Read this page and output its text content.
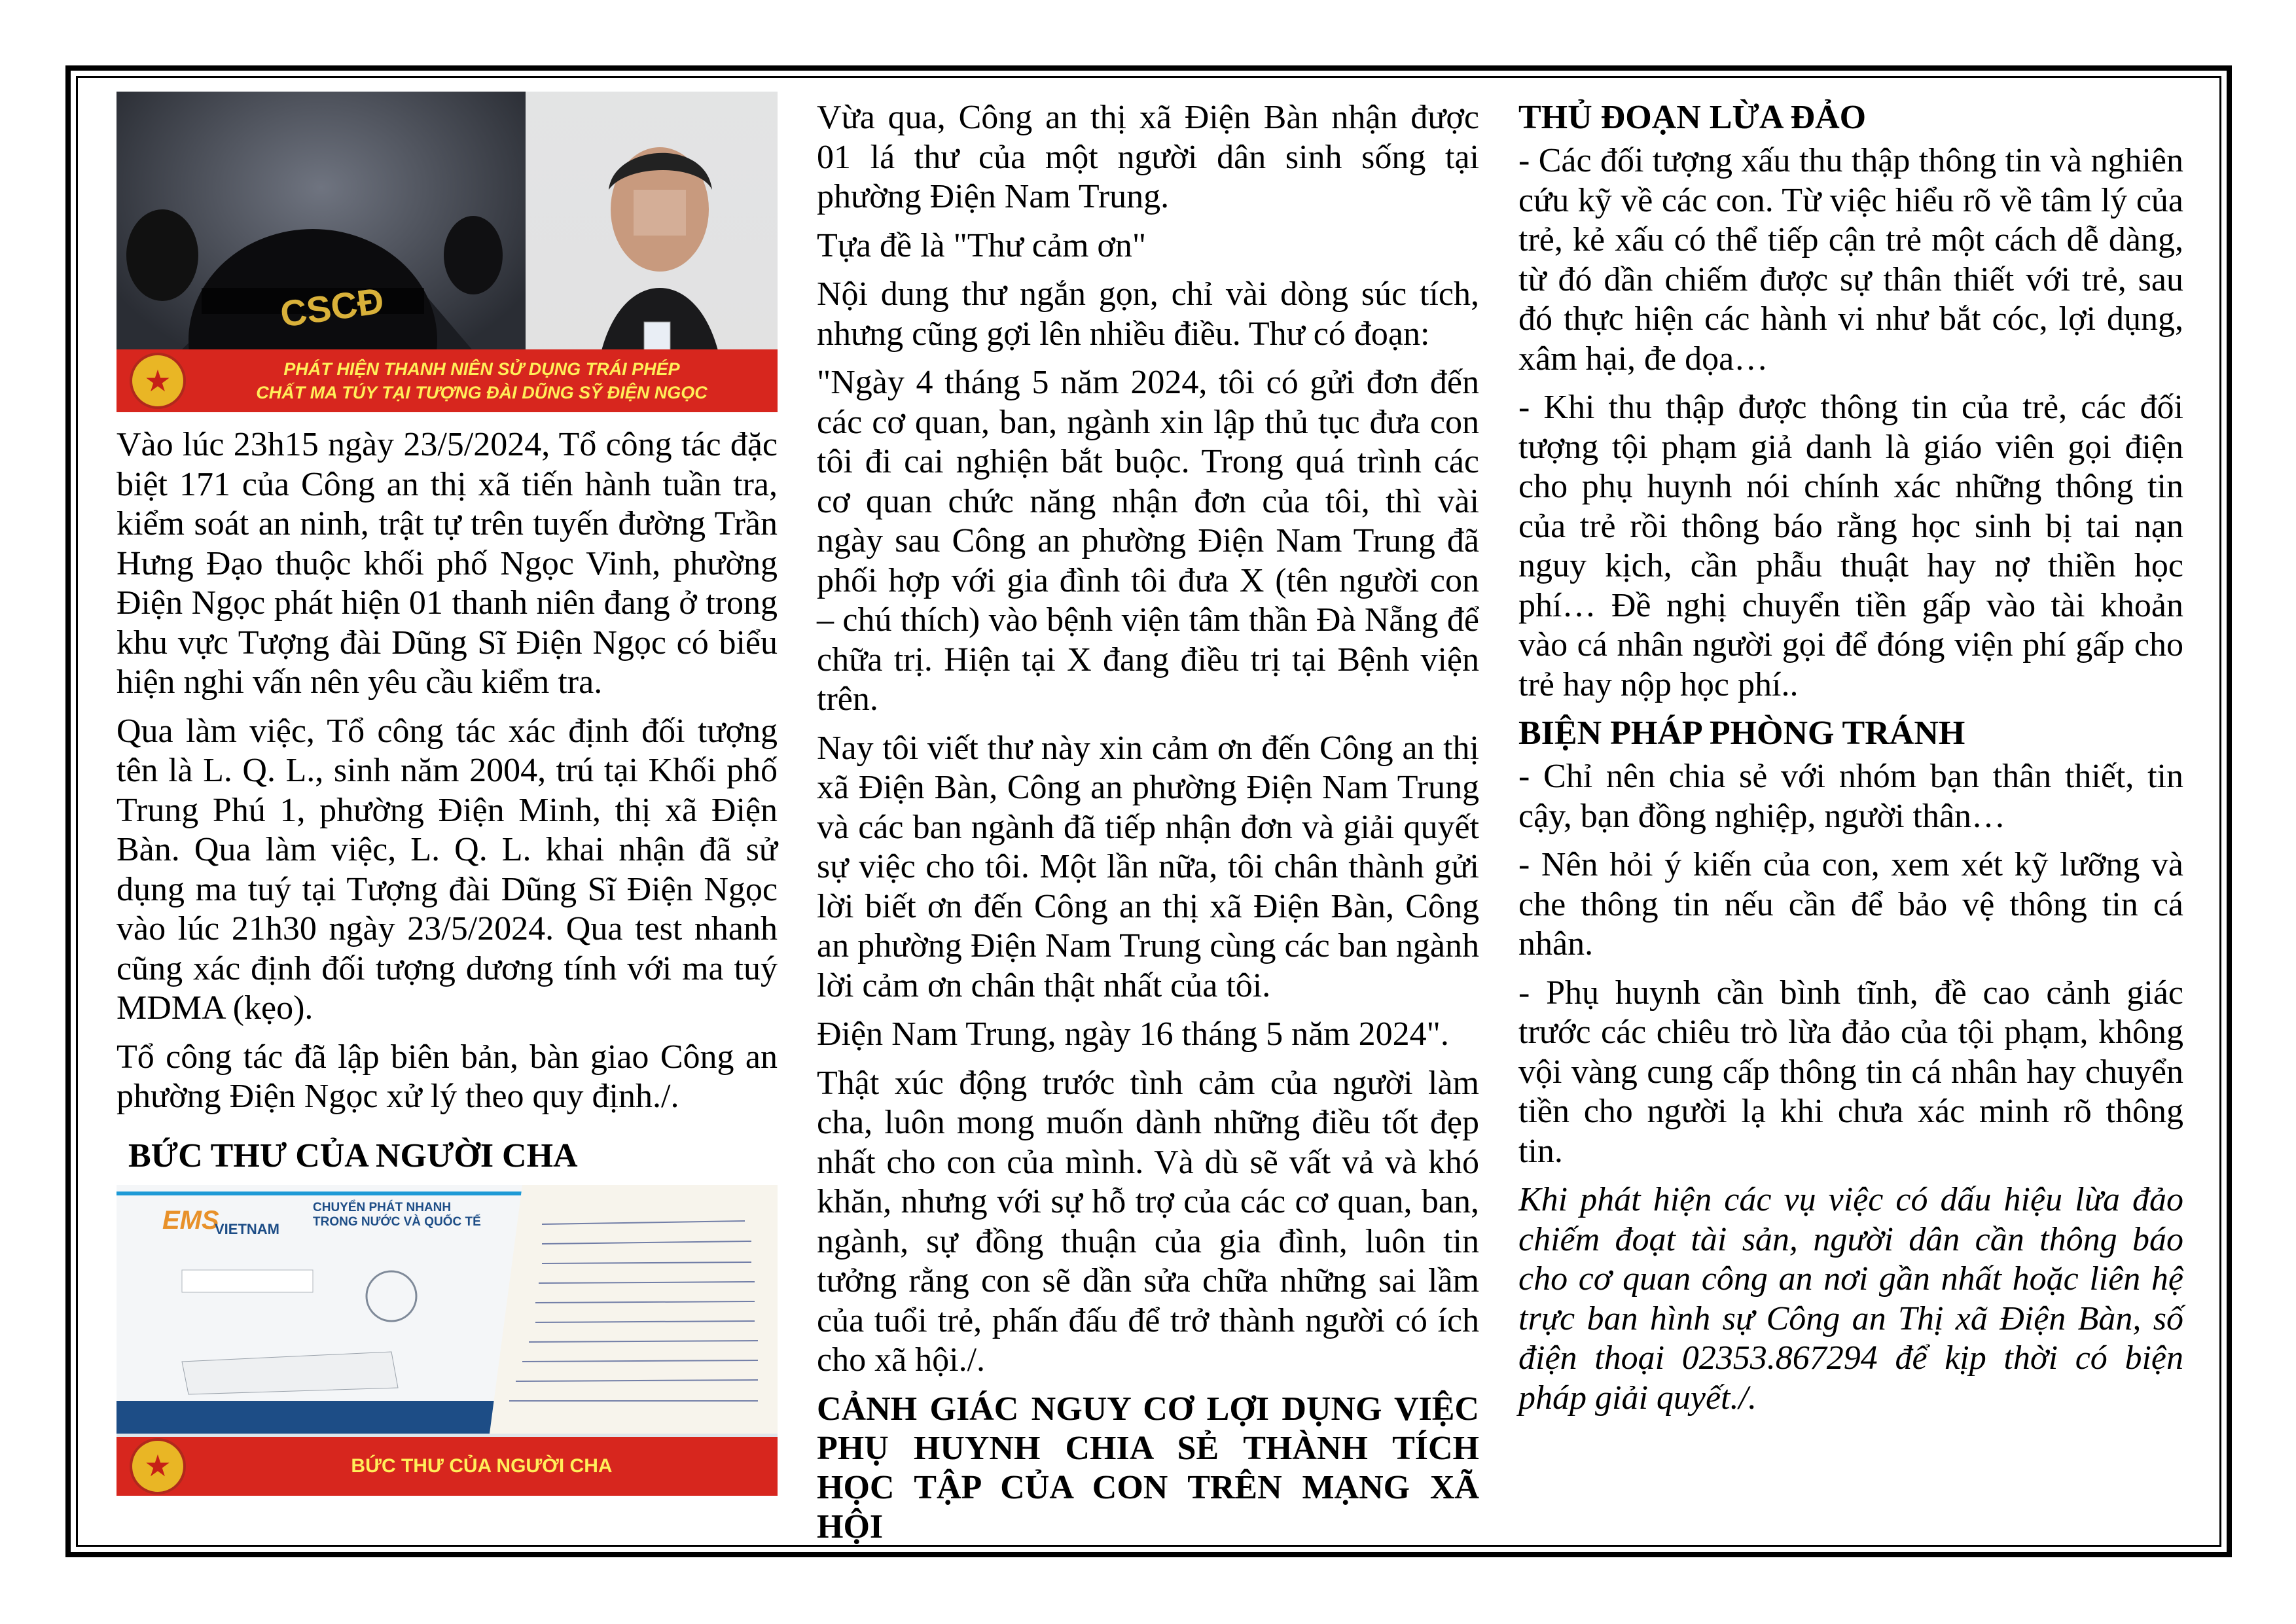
CSCĐ
★	PHÁT HIỆN THANH NIÊN SỬ DỤNG TRÁI PHÉP
CHẤT MA TÚY TẠI TƯỢNG ĐÀI DŨNG SỸ ĐIỆN NGỌC

Vào lúc 23h15 ngày 23/5/2024, Tổ công tác đặc biệt 171 của Công an thị xã tiến hành tuần tra, kiểm soát an ninh, trật tự trên tuyến đường Trần Hưng Đạo thuộc khối phố Ngọc Vinh, phường Điện Ngọc phát hiện 01 thanh niên đang ở trong khu vực Tượng đài Dũng Sĩ Điện Ngọc có biểu hiện nghi vấn nên yêu cầu kiểm tra.

Qua làm việc, Tổ công tác xác định đối tượng tên là L. Q. L., sinh năm 2004, trú tại Khối phố Trung Phú 1, phường Điện Minh, thị xã Điện Bàn. Qua làm việc, L. Q. L. khai nhận đã sử dụng ma tuý tại Tượng đài Dũng Sĩ Điện Ngọc vào lúc 21h30 ngày 23/5/2024. Qua test nhanh cũng xác định đối tượng dương tính với ma tuý MDMA (kẹo).

Tổ công tác đã lập biên bản, bàn giao Công an phường Điện Ngọc xử lý theo quy định./.

BỨC THƯ CỦA NGƯỜI CHA
EMS
VIETNAM
CHUYỂN PHÁT NHANH
TRONG NƯỚC VÀ QUỐC TẾ
★	BỨC THƯ CỦA NGƯỜI CHA

Vừa qua, Công an thị xã Điện Bàn nhận được 01 lá thư của một người dân sinh sống tại phường Điện Nam Trung.

Tựa đề là "Thư cảm ơn"

Nội dung thư ngắn gọn, chỉ vài dòng súc tích, nhưng cũng gợi lên nhiều điều. Thư có đoạn:

"Ngày 4 tháng 5 năm 2024, tôi có gửi đơn đến các cơ quan, ban, ngành xin lập thủ tục đưa con tôi đi cai nghiện bắt buộc. Trong quá trình các cơ quan chức năng nhận đơn của tôi, thì vài ngày sau Công an phường Điện Nam Trung đã phối hợp với gia đình tôi đưa X (tên người con – chú thích) vào bệnh viện tâm thần Đà Nẵng để chữa trị. Hiện tại X đang điều trị tại Bệnh viện trên.

Nay tôi viết thư này xin cảm ơn đến Công an thị xã Điện Bàn, Công an phường Điện Nam Trung và các ban ngành đã tiếp nhận đơn và giải quyết sự việc cho tôi. Một lần nữa, tôi chân thành gửi lời biết ơn đến Công an thị xã Điện Bàn, Công an phường Điện Nam Trung cùng các ban ngành lời cảm ơn chân thật nhất của tôi.

Điện Nam Trung, ngày 16 tháng 5 năm 2024".

Thật xúc động trước tình cảm của người làm cha, luôn mong muốn dành những điều tốt đẹp nhất cho con của mình. Và dù sẽ vất vả và khó khăn, nhưng với sự hỗ trợ của các cơ quan, ban, ngành, sự đồng thuận của gia đình, luôn tin tưởng rằng con sẽ dần sửa chữa những sai lầm của tuổi trẻ, phấn đấu để trở thành người có ích cho xã hội./.

CẢNH GIÁC NGUY CƠ LỢI DỤNG VIỆC PHỤ HUYNH CHIA SẺ THÀNH TÍCH HỌC TẬP CỦA CON TRÊN MẠNG XÃ HỘI
THỦ ĐOẠN LỪA ĐẢO

- Các đối tượng xấu thu thập thông tin và nghiên cứu kỹ về các con. Từ việc hiểu rõ về tâm lý của trẻ, kẻ xấu có thể tiếp cận trẻ một cách dễ dàng, từ đó dần chiếm được sự thân thiết với trẻ, sau đó thực hiện các hành vi như bắt cóc, lợi dụng, xâm hại, đe dọa…

- Khi thu thập được thông tin của trẻ, các đối tượng tội phạm giả danh là giáo viên gọi điện cho phụ huynh nói chính xác những thông tin của trẻ rồi thông báo rằng học sinh bị tai nạn nguy kịch, cần phẫu thuật hay nợ thiền học phí… Đề nghị chuyển tiền gấp vào tài khoản vào cá nhân người gọi để đóng viện phí gấp cho trẻ hay nộp học phí..

BIỆN PHÁP PHÒNG TRÁNH

- Chỉ nên chia sẻ với nhóm bạn thân thiết, tin cậy, bạn đồng nghiệp, người thân…

- Nên hỏi ý kiến của con, xem xét kỹ lưỡng và che thông tin nếu cần để bảo vệ thông tin cá nhân.

- Phụ huynh cần bình tĩnh, đề cao cảnh giác trước các chiêu trò lừa đảo của tội phạm, không vội vàng cung cấp thông tin cá nhân hay chuyển tiền cho người lạ khi chưa xác minh rõ thông tin.

Khi phát hiện các vụ việc có dấu hiệu lừa đảo chiếm đoạt tài sản, người dân cần thông báo cho cơ quan công an nơi gần nhất hoặc liên hệ trực ban hình sự Công an Thị xã Điện Bàn, số điện thoại 02353.867294 để kịp thời có biện pháp giải quyết./.
